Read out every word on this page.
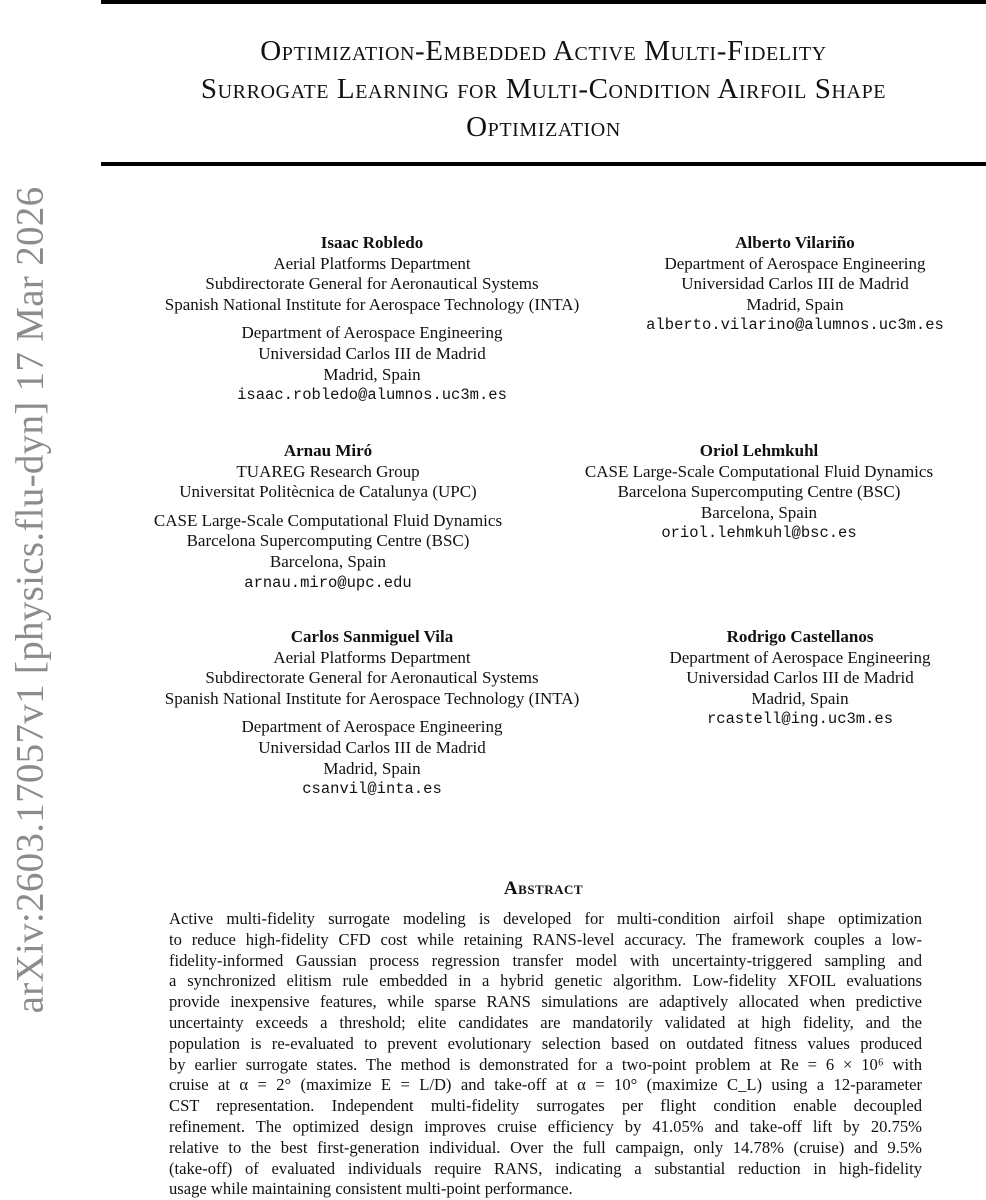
arXiv:2603.17057v1 [physics.flu-dyn] 17 Mar 2026
Optimization-Embedded Active Multi-Fidelity
Surrogate Learning for Multi-Condition Airfoil Shape
Optimization
Isaac Robledo
Aerial Platforms Department
Subdirectorate General for Aeronautical Systems
Spanish National Institute for Aerospace Technology (INTA)
Department of Aerospace Engineering
Universidad Carlos III de Madrid
Madrid, Spain
isaac.robledo@alumnos.uc3m.es
Alberto Vilariño
Department of Aerospace Engineering
Universidad Carlos III de Madrid
Madrid, Spain
alberto.vilarino@alumnos.uc3m.es
Arnau Miró
TUAREG Research Group
Universitat Politècnica de Catalunya (UPC)
CASE Large-Scale Computational Fluid Dynamics
Barcelona Supercomputing Centre (BSC)
Barcelona, Spain
arnau.miro@upc.edu
Oriol Lehmkuhl
CASE Large-Scale Computational Fluid Dynamics
Barcelona Supercomputing Centre (BSC)
Barcelona, Spain
oriol.lehmkuhl@bsc.es
Carlos Sanmiguel Vila
Aerial Platforms Department
Subdirectorate General for Aeronautical Systems
Spanish National Institute for Aerospace Technology (INTA)
Department of Aerospace Engineering
Universidad Carlos III de Madrid
Madrid, Spain
csanvil@inta.es
Rodrigo Castellanos
Department of Aerospace Engineering
Universidad Carlos III de Madrid
Madrid, Spain
rcastell@ing.uc3m.es
Abstract
Active multi-fidelity surrogate modeling is developed for multi-condition airfoil shape optimization
to reduce high-fidelity CFD cost while retaining RANS-level accuracy. The framework couples a low-
fidelity-informed Gaussian process regression transfer model with uncertainty-triggered sampling and
a synchronized elitism rule embedded in a hybrid genetic algorithm. Low-fidelity XFOIL evaluations
provide inexpensive features, while sparse RANS simulations are adaptively allocated when predictive
uncertainty exceeds a threshold; elite candidates are mandatorily validated at high fidelity, and the
population is re-evaluated to prevent evolutionary selection based on outdated fitness values produced
by earlier surrogate states. The method is demonstrated for a two-point problem at Re = 6 × 10⁶ with
cruise at α = 2° (maximize E = L/D) and take-off at α = 10° (maximize C_L) using a 12-parameter
CST representation. Independent multi-fidelity surrogates per flight condition enable decoupled
refinement. The optimized design improves cruise efficiency by 41.05% and take-off lift by 20.75%
relative to the best first-generation individual. Over the full campaign, only 14.78% (cruise) and 9.5%
(take-off) of evaluated individuals require RANS, indicating a substantial reduction in high-fidelity
usage while maintaining consistent multi-point performance.
